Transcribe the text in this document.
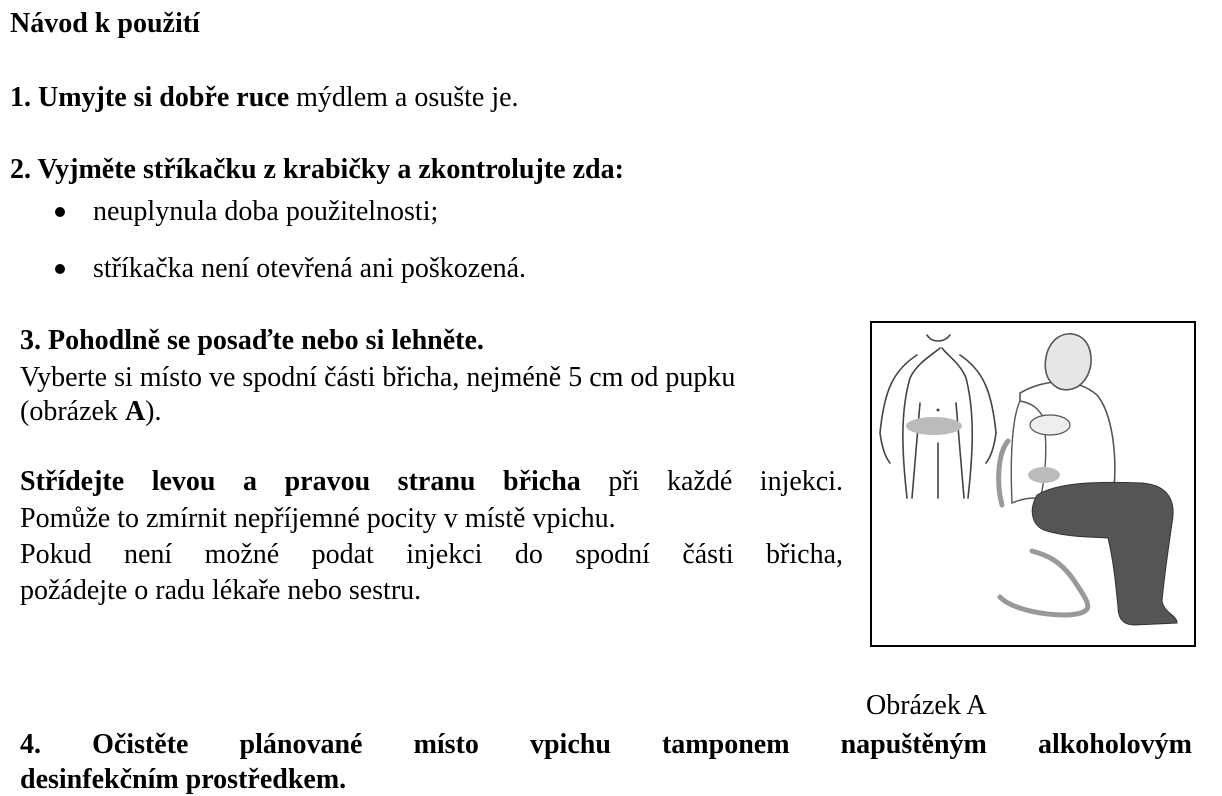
Návod k použití
1. Umyjte si dobře ruce mýdlem a osušte je.
2. Vyjměte stříkačku z krabičky a zkontrolujte zda:
neuplynula doba použitelnosti;
stříkačka není otevřená ani poškozená.
3. Pohodlně se posaďte nebo si lehněte.
Vyberte si místo ve spodní části břicha, nejméně 5 cm od pupku
(obrázek A).
Střídejte levou a pravou stranu břicha při každé injekci.
Pomůže to zmírnit nepříjemné pocity v místě vpichu.
Pokud není možné podat injekci do spodní části břicha,
požádejte o radu lékaře nebo sestru.
Obrázek A
4. Očistěte plánované místo vpichu tamponem napuštěným alkoholovým
desinfekčním prostředkem.
